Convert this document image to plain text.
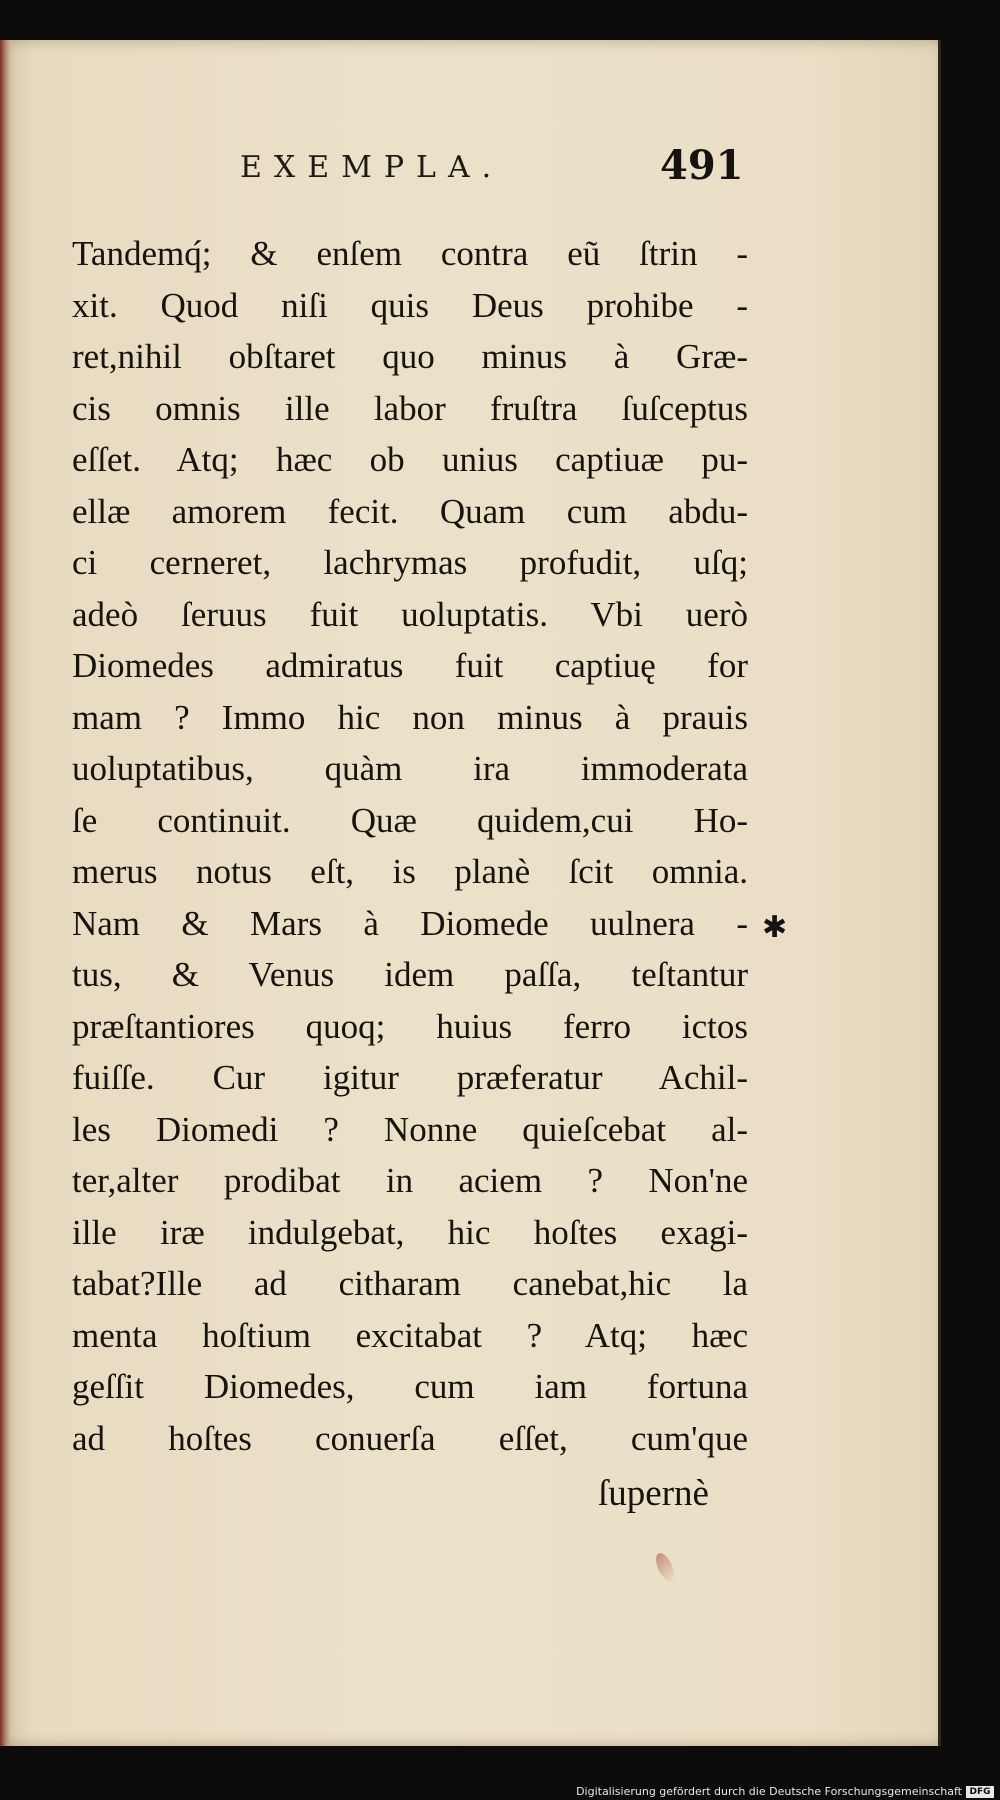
EXEMPLA.	491
Tandemq́; & enſem contra eũ ſtrin -
xit. Quod niſi quis Deus prohibe -
ret,nihil obſtaret quo minus à Græ-
cis omnis ille labor fruſtra ſuſceptus
eſſet. Atq; hæc ob unius captiuæ pu-
ellæ amorem fecit. Quam cum abdu-
ci cerneret, lachrymas profudit, uſq;
adeò ſeruus fuit uoluptatis. Vbi uerò
Diomedes admiratus fuit captiuę for
mam ? Immo hic non minus à prauis
uoluptatibus, quàm ira immoderata
ſe continuit. Quæ quidem,cui Ho-
merus notus eſt, is planè ſcit omnia.
Nam & Mars à Diomede uulnera -
tus, & Venus idem paſſa, teſtantur
præſtantiores quoq; huius ferro ictos
fuiſſe. Cur igitur præferatur Achil-
les Diomedi ? Nonne quieſcebat al-
ter,alter prodibat in aciem ? Non'ne
ille iræ indulgebat, hic hoſtes exagi-
tabat?Ille ad citharam canebat,hic la
menta hoſtium excitabat ? Atq; hæc
geſſit Diomedes, cum iam fortuna
ad hoſtes conuerſa eſſet, cum'que
ſupernè
✱
Digitalisierung gefördert durch die Deutsche Forschungsgemeinschaft DFG
